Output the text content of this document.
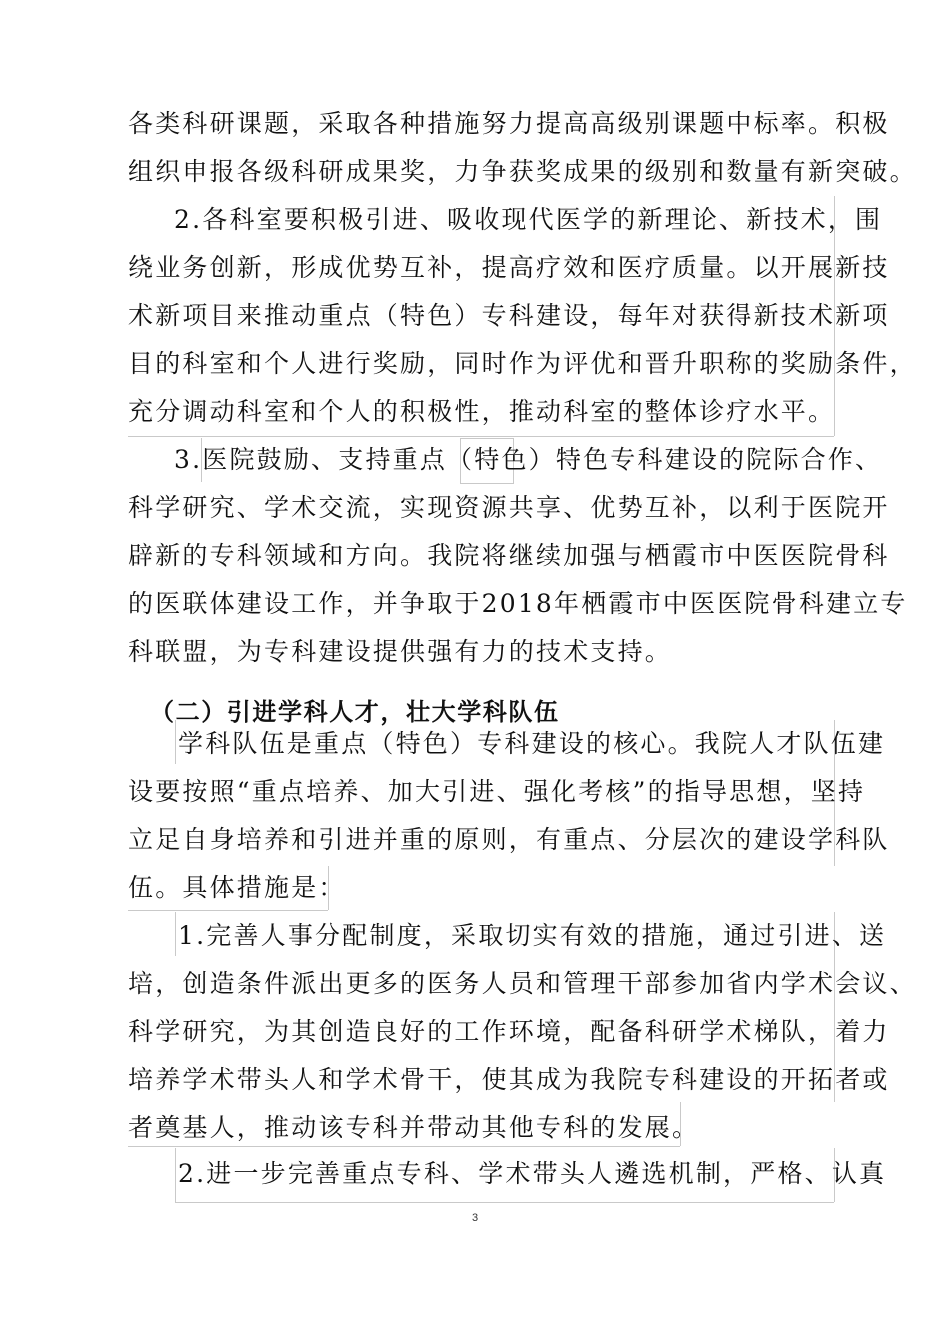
各类科研课题，采取各种措施努力提高高级别课题中标率。积极
组织申报各级科研成果奖，力争获奖成果的级别和数量有新突破。
2.各科室要积极引进、吸收现代医学的新理论、新技术，围
绕业务创新，形成优势互补，提高疗效和医疗质量。以开展新技
术新项目来推动重点（特色）专科建设，每年对获得新技术新项
目的科室和个人进行奖励，同时作为评优和晋升职称的奖励条件，
充分调动科室和个人的积极性，推动科室的整体诊疗水平。
3.医院鼓励、支持重点（特色）特色专科建设的院际合作、
科学研究、学术交流，实现资源共享、优势互补，以利于医院开
辟新的专科领域和方向。我院将继续加强与栖霞市中医医院骨科
的医联体建设工作，并争取于2018年栖霞市中医医院骨科建立专
科联盟，为专科建设提供强有力的技术支持。
（二）引进学科人才，壮大学科队伍
学科队伍是重点（特色）专科建设的核心。我院人才队伍建
设要按照“重点培养、加大引进、强化考核”的指导思想，坚持
立足自身培养和引进并重的原则，有重点、分层次的建设学科队
伍。具体措施是：
1.完善人事分配制度，采取切实有效的措施，通过引进、送
培，创造条件派出更多的医务人员和管理干部参加省内学术会议、
科学研究，为其创造良好的工作环境，配备科研学术梯队，着力
培养学术带头人和学术骨干，使其成为我院专科建设的开拓者或
者奠基人，推动该专科并带动其他专科的发展。
2.进一步完善重点专科、学术带头人遴选机制，严格、认真
3
